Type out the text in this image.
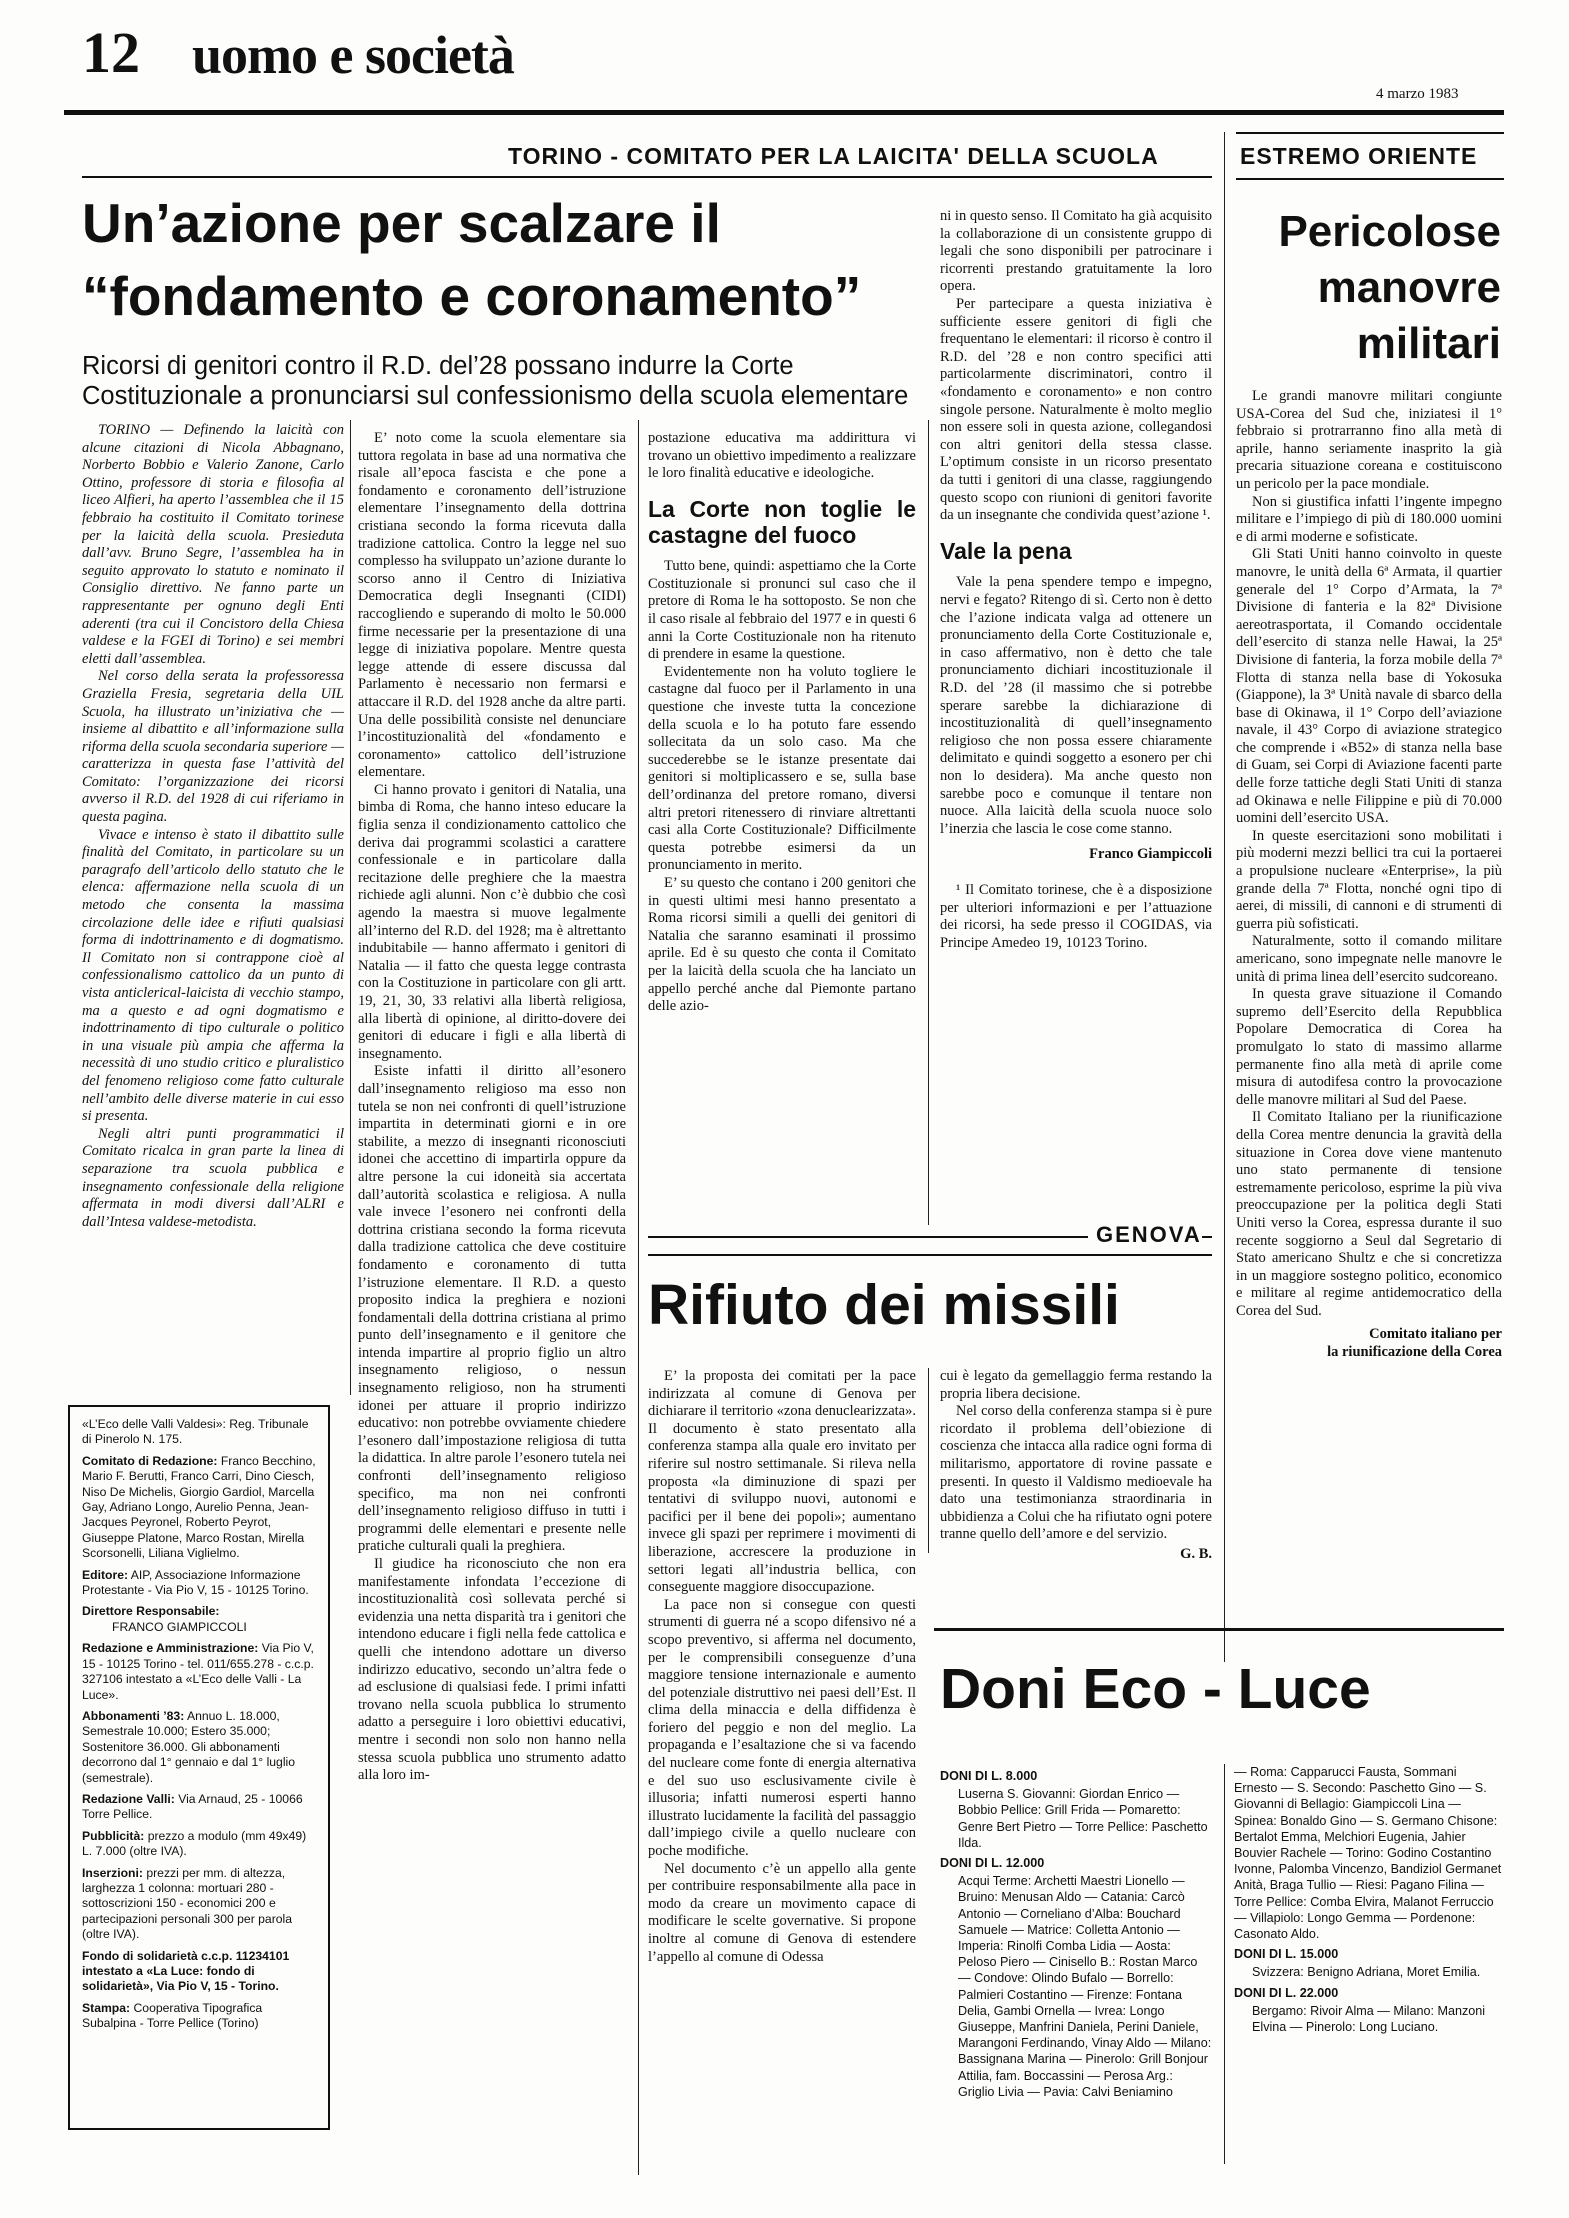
12 uomo e società
4 marzo 1983
TORINO - COMITATO PER LA LAICITA' DELLA SCUOLA
Un’azione per scalzare il
“fondamento e coronamento”
Ricorsi di genitori contro il R.D. del’28 possano indurre la Corte Costituzionale a pronunciarsi sul confessionismo della scuola elementare

TORINO — Definendo la laicità con alcune citazioni di Nicola Abbagnano, Norberto Bobbio e Valerio Zanone, Carlo Ottino, professore di storia e filosofia al liceo Alfieri, ha aperto l’assemblea che il 15 febbraio ha costituito il Comitato torinese per la laicità della scuola. Presieduta dall’avv. Bruno Segre, l’assemblea ha in seguito approvato lo statuto e nominato il Consiglio direttivo. Ne fanno parte un rappresentante per ognuno degli Enti aderenti (tra cui il Concistoro della Chiesa valdese e la FGEI di Torino) e sei membri eletti dall’assemblea.

Nel corso della serata la professoressa Graziella Fresia, segretaria della UIL Scuola, ha illustrato un’iniziativa che — insieme al dibattito e all’informazione sulla riforma della scuola secondaria superiore — caratterizza in questa fase l’attività del Comitato: l’organizzazione dei ricorsi avverso il R.D. del 1928 di cui riferiamo in questa pagina.

Vivace e intenso è stato il dibattito sulle finalità del Comitato, in particolare su un paragrafo dell’articolo dello statuto che le elenca: affermazione nella scuola di un metodo che consenta la massima circolazione delle idee e rifiuti qualsiasi forma di indottrinamento e di dogmatismo. Il Comitato non si contrappone cioè al confessionalismo cattolico da un punto di vista anticlerical-laicista di vecchio stampo, ma a questo e ad ogni dogmatismo e indottrinamento di tipo culturale o politico in una visuale più ampia che afferma la necessità di uno studio critico e pluralistico del fenomeno religioso come fatto culturale nell’ambito delle diverse materie in cui esso si presenta.

Negli altri punti programmatici il Comitato ricalca in gran parte la linea di separazione tra scuola pubblica e insegnamento confessionale della religione affermata in modi diversi dall’ALRI e dall’Intesa valdese-metodista.

«L’Eco delle Valli Valdesi»: Reg. Tribunale di Pinerolo N. 175.

Comitato di Redazione: Franco Becchino, Mario F. Berutti, Franco Carri, Dino Ciesch, Niso De Michelis, Giorgio Gardiol, Marcella Gay, Adriano Longo, Aurelio Penna, Jean-Jacques Peyronel, Roberto Peyrot, Giuseppe Platone, Marco Rostan, Mirella Scorsonelli, Liliana Viglielmo.

Editore: AIP, Associazione Informazione Protestante - Via Pio V, 15 - 10125 Torino.

Direttore Responsabile:
FRANCO GIAMPICCOLI

Redazione e Amministrazione: Via Pio V, 15 - 10125 Torino - tel. 011/655.278 - c.c.p. 327106 intestato a «L’Eco delle Valli - La Luce».

Abbonamenti ’83: Annuo L. 18.000, Semestrale 10.000; Estero 35.000; Sostenitore 36.000. Gli abbonamenti decorrono dal 1° gennaio e dal 1° luglio (semestrale).

Redazione Valli: Via Arnaud, 25 - 10066 Torre Pellice.

Pubblicità: prezzo a modulo (mm 49x49) L. 7.000 (oltre IVA).

Inserzioni: prezzi per mm. di altezza, larghezza 1 colonna: mortuari 280 - sottoscrizioni 150 - economici 200 e partecipazioni personali 300 per parola (oltre IVA).

Fondo di solidarietà c.c.p. 11234101 intestato a «La Luce: fondo di solidarietà», Via Pio V, 15 - Torino.

Stampa: Cooperativa Tipografica Subalpina - Torre Pellice (Torino)

E’ noto come la scuola elementare sia tuttora regolata in base ad una normativa che risale all’epoca fascista e che pone a fondamento e coronamento dell’istruzione elementare l’insegnamento della dottrina cristiana secondo la forma ricevuta dalla tradizione cattolica. Contro la legge nel suo complesso ha sviluppato un’azione durante lo scorso anno il Centro di Iniziativa Democratica degli Insegnanti (CIDI) raccogliendo e superando di molto le 50.000 firme necessarie per la presentazione di una legge di iniziativa popolare. Mentre questa legge attende di essere discussa dal Parlamento è necessario non fermarsi e attaccare il R.D. del 1928 anche da altre parti. Una delle possibilità consiste nel denunciare l’incostituzionalità del «fondamento e coronamento» cattolico dell’istruzione elementare.

Ci hanno provato i genitori di Natalia, una bimba di Roma, che hanno inteso educare la figlia senza il condizionamento cattolico che deriva dai programmi scolastici a carattere confessionale e in particolare dalla recitazione delle preghiere che la maestra richiede agli alunni. Non c’è dubbio che così agendo la maestra si muove legalmente all’interno del R.D. del 1928; ma è altrettanto indubitabile — hanno affermato i genitori di Natalia — il fatto che questa legge contrasta con la Costituzione in particolare con gli artt. 19, 21, 30, 33 relativi alla libertà religiosa, alla libertà di opinione, al diritto-dovere dei genitori di educare i figli e alla libertà di insegnamento.

Esiste infatti il diritto all’esonero dall’insegnamento religioso ma esso non tutela se non nei confronti di quell’istruzione impartita in determinati giorni e in ore stabilite, a mezzo di insegnanti riconosciuti idonei che accettino di impartirla oppure da altre persone la cui idoneità sia accertata dall’autorità scolastica e religiosa. A nulla vale invece l’esonero nei confronti della dottrina cristiana secondo la forma ricevuta dalla tradizione cattolica che deve costituire fondamento e coronamento di tutta l’istruzione elementare. Il R.D. a questo proposito indica la preghiera e nozioni fondamentali della dottrina cristiana al primo punto dell’insegnamento e il genitore che intenda impartire al proprio figlio un altro insegnamento religioso, o nessun insegnamento religioso, non ha strumenti idonei per attuare il proprio indirizzo educativo: non potrebbe ovviamente chiedere l’esonero dall’impostazione religiosa di tutta la didattica. In altre parole l’esonero tutela nei confronti dell’insegnamento religioso specifico, ma non nei confronti dell’insegnamento religioso diffuso in tutti i programmi delle elementari e presente nelle pratiche culturali quali la preghiera.

Il giudice ha riconosciuto che non era manifestamente infondata l’eccezione di incostituzionalità così sollevata perché si evidenzia una netta disparità tra i genitori che intendono educare i figli nella fede cattolica e quelli che intendono adottare un diverso indirizzo educativo, secondo un’altra fede o ad esclusione di qualsiasi fede. I primi infatti trovano nella scuola pubblica lo strumento adatto a perseguire i loro obiettivi educativi, mentre i secondi non solo non hanno nella stessa scuola pubblica uno strumento adatto alla loro im-

postazione educativa ma addirittura vi trovano un obiettivo impedimento a realizzare le loro finalità educative e ideologiche.

La Corte non toglie le castagne del fuoco

Tutto bene, quindi: aspettiamo che la Corte Costituzionale si pronunci sul caso che il pretore di Roma le ha sottoposto. Se non che il caso risale al febbraio del 1977 e in questi 6 anni la Corte Costituzionale non ha ritenuto di prendere in esame la questione.

Evidentemente non ha voluto togliere le castagne dal fuoco per il Parlamento in una questione che investe tutta la concezione della scuola e lo ha potuto fare essendo sollecitata da un solo caso. Ma che succederebbe se le istanze presentate dai genitori si moltiplicassero e se, sulla base dell’ordinanza del pretore romano, diversi altri pretori ritenessero di rinviare altrettanti casi alla Corte Costituzionale? Difficilmente questa potrebbe esimersi da un pronunciamento in merito.

E’ su questo che contano i 200 genitori che in questi ultimi mesi hanno presentato a Roma ricorsi simili a quelli dei genitori di Natalia che saranno esaminati il prossimo aprile. Ed è su questo che conta il Comitato per la laicità della scuola che ha lanciato un appello perché anche dal Piemonte partano delle azio-

ni in questo senso. Il Comitato ha già acquisito la collaborazione di un consistente gruppo di legali che sono disponibili per patrocinare i ricorrenti prestando gratuitamente la loro opera.

Per partecipare a questa iniziativa è sufficiente essere genitori di figli che frequentano le elementari: il ricorso è contro il R.D. del ’28 e non contro specifici atti particolarmente discriminatori, contro il «fondamento e coronamento» e non contro singole persone. Naturalmente è molto meglio non essere soli in questa azione, collegandosi con altri genitori della stessa classe. L’optimum consiste in un ricorso presentato da tutti i genitori di una classe, raggiungendo questo scopo con riunioni di genitori favorite da un insegnante che condivida quest’azione ¹.

Vale la pena

Vale la pena spendere tempo e impegno, nervi e fegato? Ritengo di sì. Certo non è detto che l’azione indicata valga ad ottenere un pronunciamento della Corte Costituzionale e, in caso affermativo, non è detto che tale pronunciamento dichiari incostituzionale il R.D. del ’28 (il massimo che si potrebbe sperare sarebbe la dichiarazione di incostituzionalità di quell’insegnamento religioso che non possa essere chiaramente delimitato e quindi soggetto a esonero per chi non lo desidera). Ma anche questo non sarebbe poco e comunque il tentare non nuoce. Alla laicità della scuola nuoce solo l’inerzia che lascia le cose come stanno.

Franco Giampiccoli

¹ Il Comitato torinese, che è a disposizione per ulteriori informazioni e per l’attuazione dei ricorsi, ha sede presso il COGIDAS, via Principe Amedeo 19, 10123 Torino.

ESTREMO ORIENTE
Pericolose
manovre
militari

Le grandi manovre militari congiunte USA-Corea del Sud che, iniziatesi il 1° febbraio si protrarranno fino alla metà di aprile, hanno seriamente inasprito la già precaria situazione coreana e costituiscono un pericolo per la pace mondiale.

Non si giustifica infatti l’ingente impegno militare e l’impiego di più di 180.000 uomini e di armi moderne e sofisticate.

Gli Stati Uniti hanno coinvolto in queste manovre, le unità della 6ª Armata, il quartier generale del 1° Corpo d’Armata, la 7ª Divisione di fanteria e la 82ª Divisione aereotrasportata, il Comando occidentale dell’esercito di stanza nelle Hawai, la 25ª Divisione di fanteria, la forza mobile della 7ª Flotta di stanza nella base di Yokosuka (Giappone), la 3ª Unità navale di sbarco della base di Okinawa, il 1° Corpo dell’aviazione navale, il 43° Corpo di aviazione strategico che comprende i «B52» di stanza nella base di Guam, sei Corpi di Aviazione facenti parte delle forze tattiche degli Stati Uniti di stanza ad Okinawa e nelle Filippine e più di 70.000 uomini dell’esercito USA.

In queste esercitazioni sono mobilitati i più moderni mezzi bellici tra cui la portaerei a propulsione nucleare «Enterprise», la più grande della 7ª Flotta, nonché ogni tipo di aerei, di missili, di cannoni e di strumenti di guerra più sofisticati.

Naturalmente, sotto il comando militare americano, sono impegnate nelle manovre le unità di prima linea dell’esercito sudcoreano.

In questa grave situazione il Comando supremo dell’Esercito della Repubblica Popolare Democratica di Corea ha promulgato lo stato di massimo allarme permanente fino alla metà di aprile come misura di autodifesa contro la provocazione delle manovre militari al Sud del Paese.

Il Comitato Italiano per la riunificazione della Corea mentre denuncia la gravità della situazione in Corea dove viene mantenuto uno stato permanente di tensione estremamente pericoloso, esprime la più viva preoccupazione per la politica degli Stati Uniti verso la Corea, espressa durante il suo recente soggiorno a Seul dal Segretario di Stato americano Shultz e che si concretizza in un maggiore sostegno politico, economico e militare al regime antidemocratico della Corea del Sud.

Comitato italiano per

la riunificazione della Corea

GENOVA
Rifiuto dei missili

E’ la proposta dei comitati per la pace indirizzata al comune di Genova per dichiarare il territorio «zona denuclearizzata». Il documento è stato presentato alla conferenza stampa alla quale ero invitato per riferire sul nostro settimanale. Si rileva nella proposta «la diminuzione di spazi per tentativi di sviluppo nuovi, autonomi e pacifici per il bene dei popoli»; aumentano invece gli spazi per reprimere i movimenti di liberazione, accrescere la produzione in settori legati all’industria bellica, con conseguente maggiore disoccupazione.

La pace non si consegue con questi strumenti di guerra né a scopo difensivo né a scopo preventivo, si afferma nel documento, per le comprensibili conseguenze d’una maggiore tensione internazionale e aumento del potenziale distruttivo nei paesi dell’Est. Il clima della minaccia e della diffidenza è foriero del peggio e non del meglio. La propaganda e l’esaltazione che si va facendo del nucleare come fonte di energia alternativa e del suo uso esclusivamente civile è illusoria; infatti numerosi esperti hanno illustrato lucidamente la facilità del passaggio dall’impiego civile a quello nucleare con poche modifiche.

Nel documento c’è un appello alla gente per contribuire responsabilmente alla pace in modo da creare un movimento capace di modificare le scelte governative. Si propone inoltre al comune di Genova di estendere l’appello al comune di Odessa

cui è legato da gemellaggio ferma restando la propria libera decisione.

Nel corso della conferenza stampa si è pure ricordato il problema dell’obiezione di coscienza che intacca alla radice ogni forma di militarismo, apportatore di rovine passate e presenti. In questo il Valdismo medioevale ha dato una testimonianza straordinaria in ubbidienza a Colui che ha rifiutato ogni potere tranne quello dell’amore e del servizio.

G. B.

Doni Eco - Luce

DONI DI L. 8.000

Luserna S. Giovanni: Giordan Enrico — Bobbio Pellice: Grill Frida — Pomaretto: Genre Bert Pietro — Torre Pellice: Paschetto Ilda.

DONI DI L. 12.000

Acqui Terme: Archetti Maestri Lionello — Bruino: Menusan Aldo — Catania: Carcò Antonio — Corneliano d’Alba: Bouchard Samuele — Matrice: Colletta Antonio — Imperia: Rinolfi Comba Lidia — Aosta: Peloso Piero — Cinisello B.: Rostan Marco — Condove: Olindo Bufalo — Borrello: Palmieri Costantino — Firenze: Fontana Delia, Gambi Ornella — Ivrea: Longo Giuseppe, Manfrini Daniela, Perini Daniele, Marangoni Ferdinando, Vinay Aldo — Milano: Bassignana Marina — Pinerolo: Grill Bonjour Attilia, fam. Boccassini — Perosa Arg.: Griglio Livia — Pavia: Calvi Beniamino

— Roma: Capparucci Fausta, Sommani Ernesto — S. Secondo: Paschetto Gino — S. Giovanni di Bellagio: Giampiccoli Lina — Spinea: Bonaldo Gino — S. Germano Chisone: Bertalot Emma, Melchiori Eugenia, Jahier Bouvier Rachele — Torino: Godino Costantino Ivonne, Palomba Vincenzo, Bandiziol Germanet Anità, Braga Tullio — Riesi: Pagano Filina — Torre Pellice: Comba Elvira, Malanot Ferruccio — Villapiolo: Longo Gemma — Pordenone: Casonato Aldo.

DONI DI L. 15.000

Svizzera: Benigno Adriana, Moret Emilia.

DONI DI L. 22.000

Bergamo: Rivoir Alma — Milano: Manzoni Elvina — Pinerolo: Long Luciano.
